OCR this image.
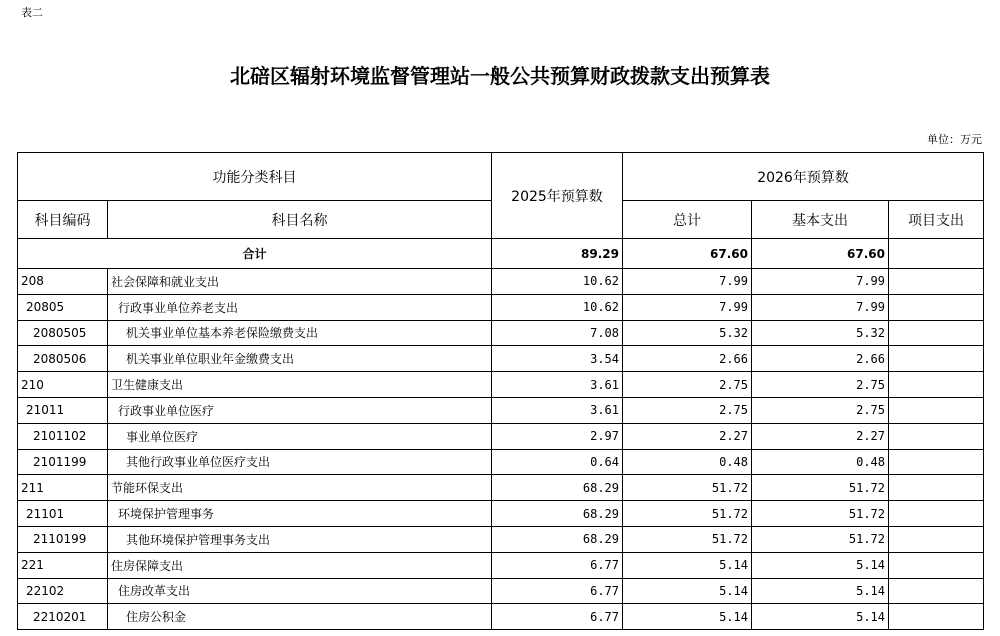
表二
北碚区辐射环境监督管理站一般公共预算财政拨款支出预算表
单位：万元
功能分类科目		2025年预算数	2026年预算数		
科目编码	科目名称		总计	基本支出	项目支出
合计		89.29	67.60	67.60	
208	社会保障和就业支出	10.62	7.99	7.99	
20805	行政事业单位养老支出	10.62	7.99	7.99	
2080505	机关事业单位基本养老保险缴费支出	7.08	5.32	5.32	
2080506	机关事业单位职业年金缴费支出	3.54	2.66	2.66	
210	卫生健康支出	3.61	2.75	2.75	
21011	行政事业单位医疗	3.61	2.75	2.75	
2101102	事业单位医疗	2.97	2.27	2.27	
2101199	其他行政事业单位医疗支出	0.64	0.48	0.48	
211	节能环保支出	68.29	51.72	51.72	
21101	环境保护管理事务	68.29	51.72	51.72	
2110199	其他环境保护管理事务支出	68.29	51.72	51.72	
221	住房保障支出	6.77	5.14	5.14	
22102	住房改革支出	6.77	5.14	5.14	
2210201	住房公积金	6.77	5.14	5.14	
